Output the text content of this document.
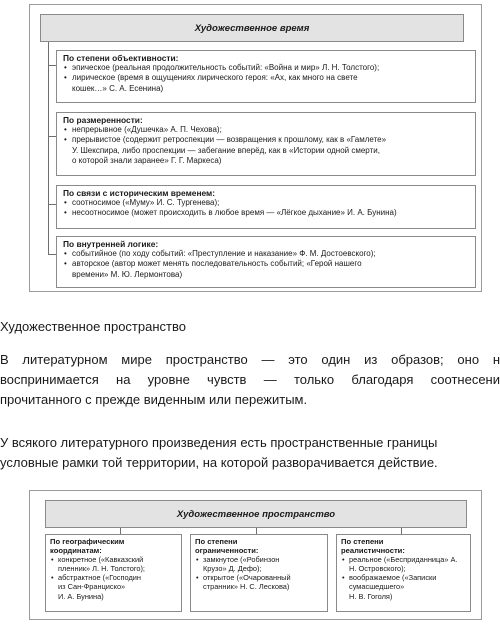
Художественное время
По степени объективности:
• эпическое (реальная продолжительность событий: «Война и мир» Л. Н. Толстого);
• лирическое (время в ощущениях лирического героя: «Ах, как много на свете
кошек…» С. А. Есенина)
По размеренности:
• непрерывное («Душечка» А. П. Чехова);
• прерывистое (содержит ретроспекции — возвращения к прошлому, как в «Гамлете»
У. Шекспира, либо проспекции — забегание вперёд, как в «Истории одной смерти,
о которой знали заранее» Г. Г. Маркеса)
По связи с историческим временем:
• соотносимое («Муму» И. С. Тургенева);
• несоотносимое (может происходить в любое время — «Лёгкое дыхание» И. А. Бунина)
По внутренней логике:
• событийное (по ходу событий: «Преступление и наказание» Ф. М. Достоевского);
• авторское (автор может менять последовательность событий; «Герой нашего
времени» М. Ю. Лермонтова)
Художественное пространство
В литературном мире пространство — это один из образов; оно н
воспринимается на уровне чувств — только благодаря соотнесени
прочитанного с прежде виденным или пережитым.
У всякого литературного произведения есть пространственные границы
условные рамки той территории, на которой разворачивается действие.
Художественное пространство
По географическим
координатам:
• конкретное («Кавказский
пленник» Л. Н. Толстого);
• абстрактное («Господин
из Сан-Франциско»
И. А. Бунина)
По степени
ограниченности:
• замкнутое («Робинзон
Крузо» Д. Дефо);
• открытое («Очарованный
странник» Н. С. Лескова)
По степени
реалистичности:
• реальное («Бесприданница» А. Н. Островского);
• воображаемое («Записки
сумасшедшего»
Н. В. Гоголя)
